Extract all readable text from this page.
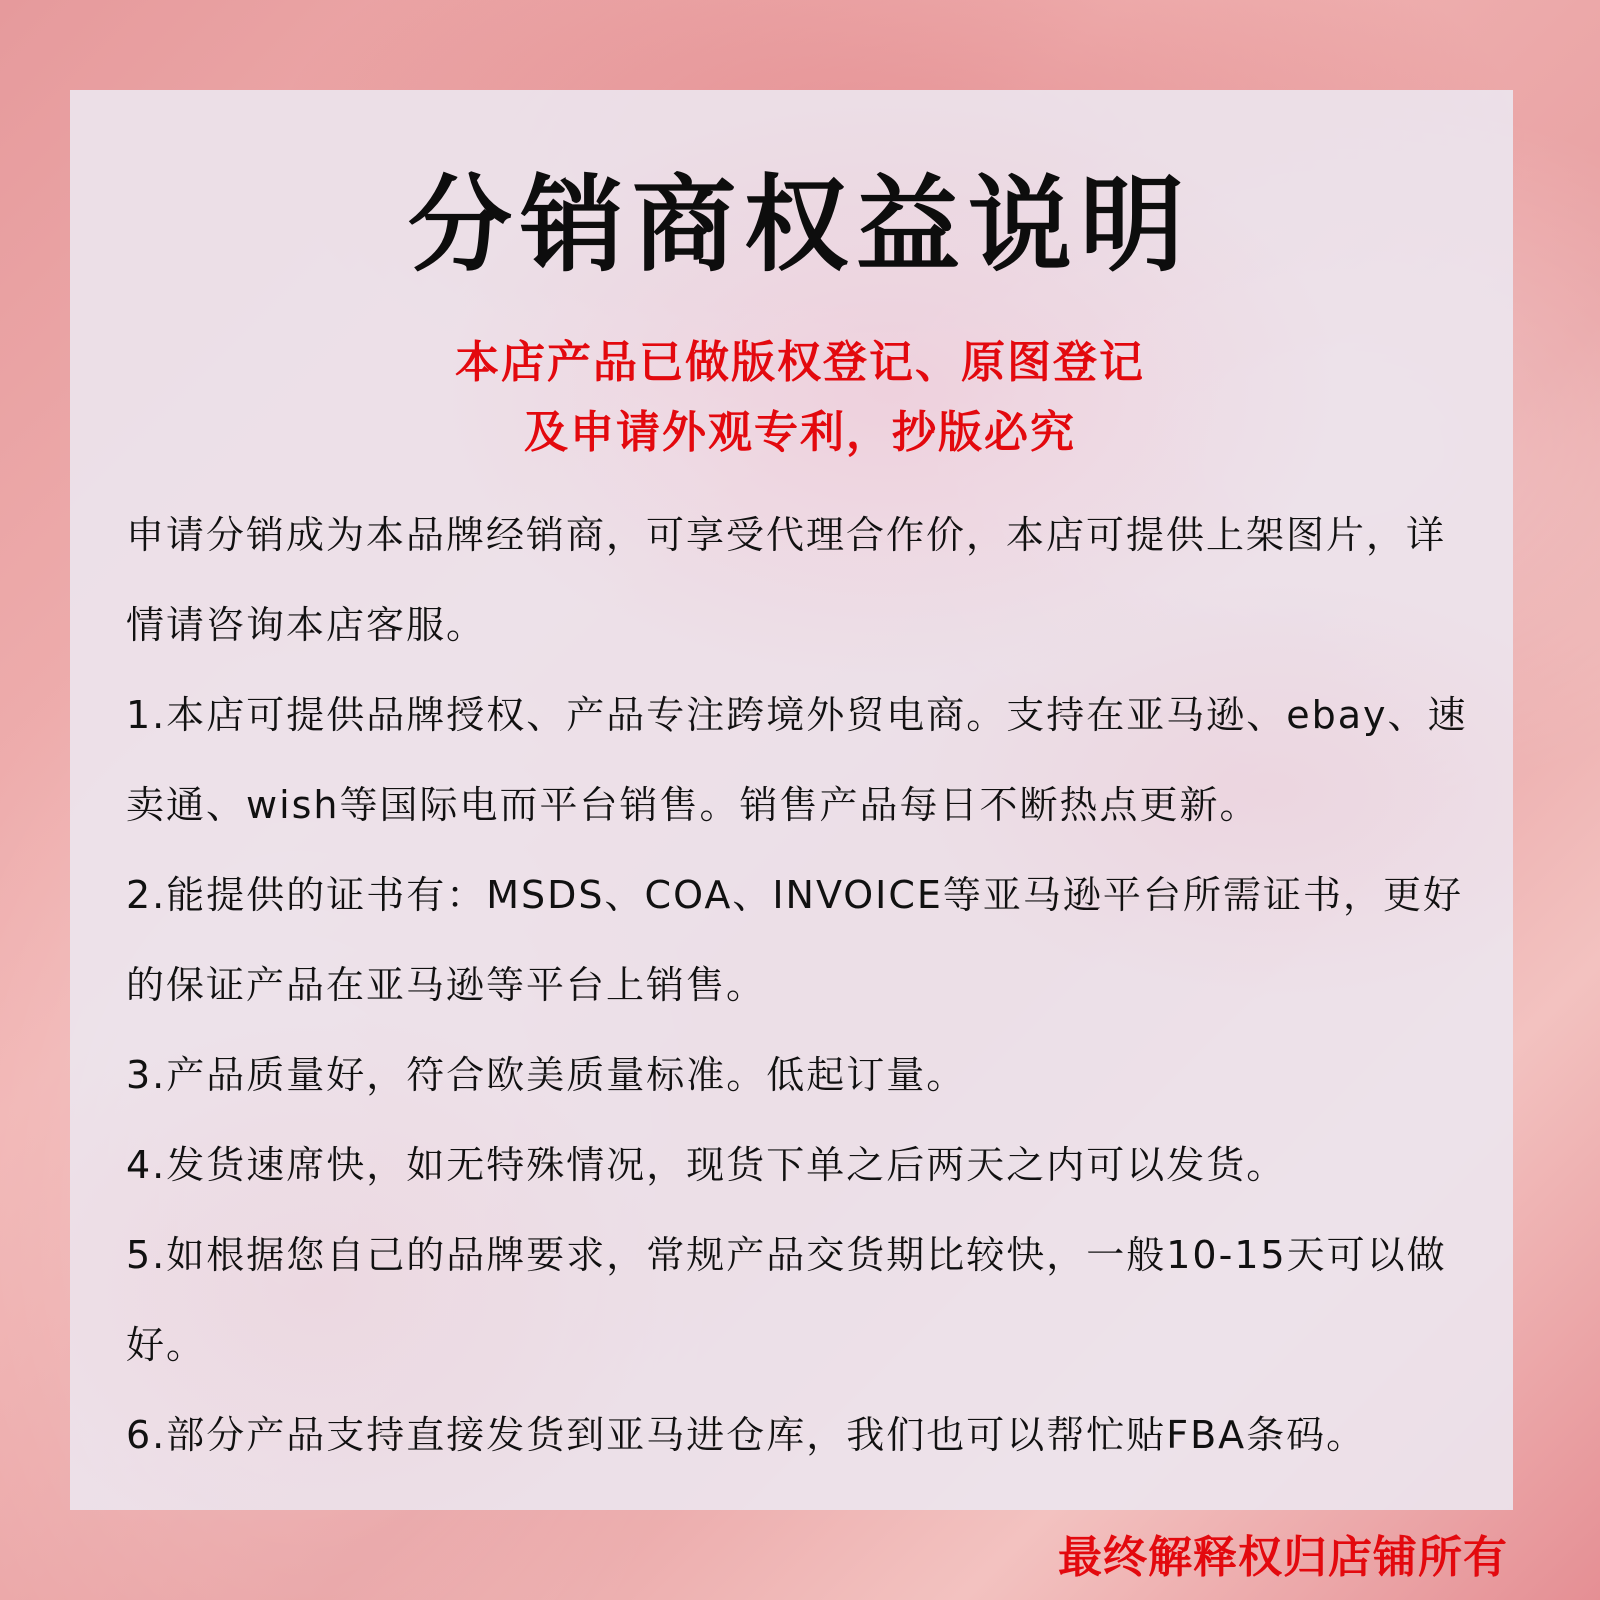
分销商权益说明
本店产品已做版权登记、原图登记
及申请外观专利，抄版必究

申请分销成为本品牌经销商，可享受代理合作价，本店可提供上架图片，详情请咨询本店客服。

1.本店可提供品牌授权、产品专注跨境外贸电商。支持在亚马逊、ebay、速卖通、wish等国际电而平台销售。销售产品每日不断热点更新。

2.能提供的证书有：MSDS、COA、INVOICE等亚马逊平台所需证书，更好的保证产品在亚马逊等平台上销售。

3.产品质量好，符合欧美质量标准。低起订量。

4.发货速席快，如无特殊情况，现货下单之后两天之内可以发货。

5.如根据您自己的品牌要求，常规产品交货期比较快，一般10-15天可以做好。

6.部分产品支持直接发货到亚马进仓库，我们也可以帮忙贴FBA条码。

最终解释权归店铺所有
